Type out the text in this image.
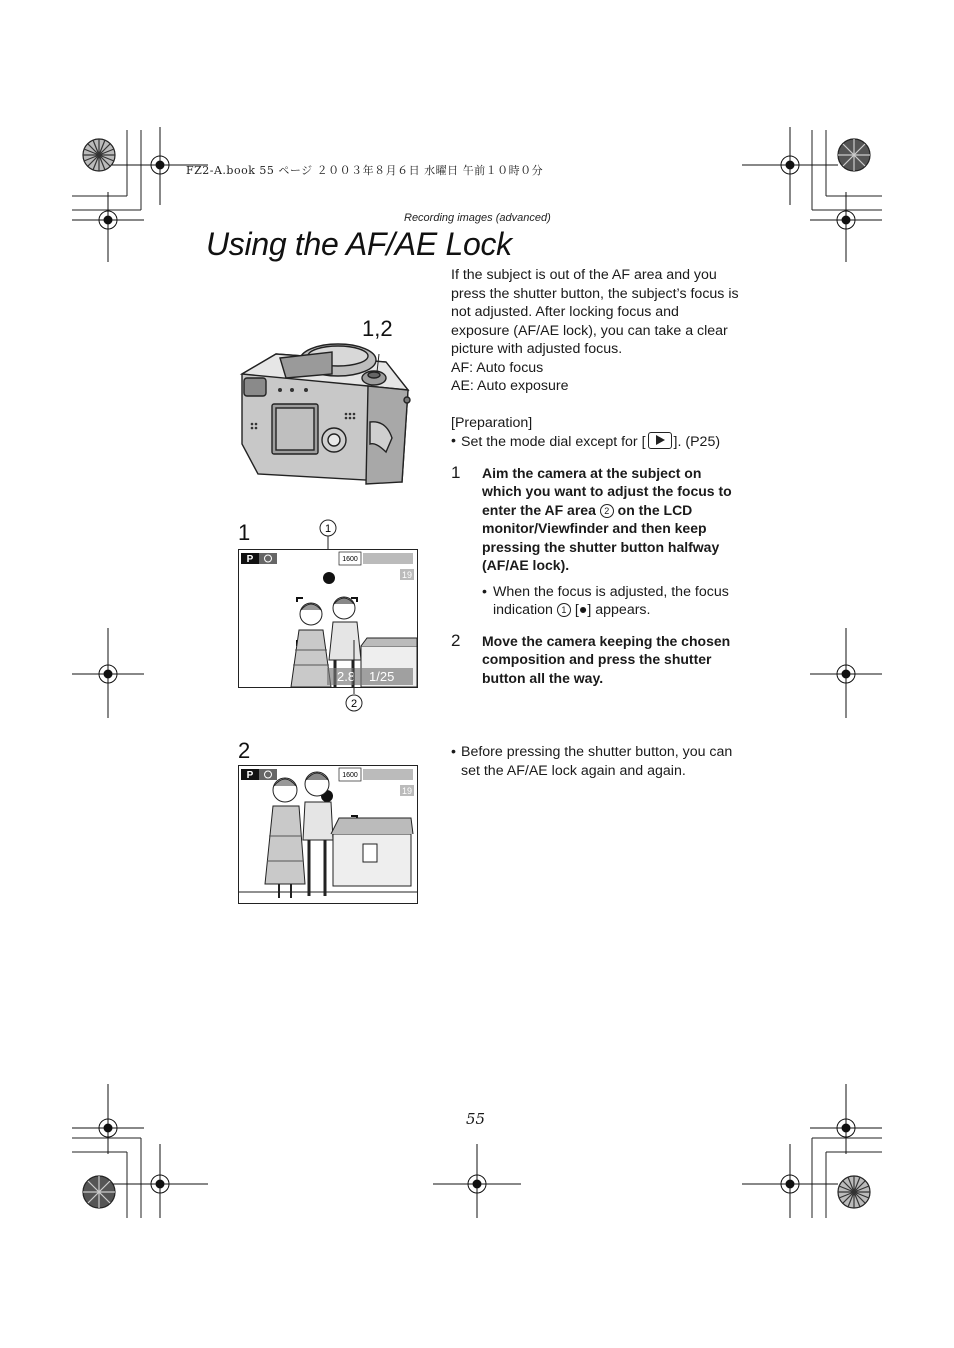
FZ2-A.book 55 ページ ２００３年８月６日 水曜日 午前１０時０分
Recording images (advanced)
Using the AF/AE Lock
1,2
1	1
P	1600
19
2.8 1/25
2
2
P	1600
19

If the subject is out of the AF area and you

press the shutter button, the subject’s focus is

not adjusted. After locking focus and

exposure (AF/AE lock), you can take a clear

picture with adjusted focus.

AF: Auto focus

AE: Auto exposure

[Preparation]

• Set the mode dial except for [ ]. (P25)
1	Aim the camera at the subject on
which you want to adjust the focus to
enter the AF area 2 on the LCD
monitor/Viewfinder and then keep
pressing the shutter button halfway
(AF/AE lock).
• When the focus is adjusted, the focus
indication 1 [●] appears.
2	Move the camera keeping the chosen
composition and press the shutter
button all the way.
• Before pressing the shutter button, you can
set the AF/AE lock again and again.
55
